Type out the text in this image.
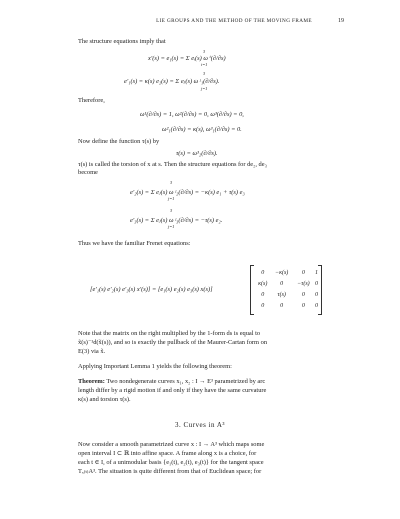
LIE GROUPS AND THE METHOD OF THE MOVING FRAME	19
The structure equations imply that
x′(s) = e₁(s) = Σ eᵢ(s) ω ⁱ(∂/∂s)
3
i=1
e′₁(s) = κ(s) e₂(s) = Σ eⱼ(s) ω ʲ₁(∂/∂s).
3
j=1
Therefore,
ω¹(∂/∂s) = 1, ω²(∂/∂s) = 0, ω³(∂/∂s) = 0,
ω²₁(∂/∂s) = κ(s), ω³₁(∂/∂s) = 0.
Now define the function τ(s) by
τ(s) = ω³₂(∂/∂s).
τ(s) is called the torsion of x at s. Then the structure equations for de₂, de₃
become
e′₂(s) = Σ eⱼ(s) ω ʲ₂(∂/∂s) = −κ(s) e₁ + τ(s) e₃
3
j=1
e′₃(s) = Σ eⱼ(s) ω ʲ₃(∂/∂s) = −τ(s) e₂.
3
j=1
Thus we have the familiar Frenet equations:
[e′₁(s) e′₂(s) e′₃(s) x′(s)] = [e₁(s) e₂(s) e₃(s) x(s)]
0	−κ(s)	0	1
κ(s)	0	−τ(s)	0
0	τ(s)	0	0
0	0	0	0
Note that the matrix on the right multiplied by the 1-form ds is equal to
x̃(s)⁻¹d(x̃(s)), and so is exactly the pullback of the Maurer-Cartan form on
E(3) via x̃.
Applying Important Lemma 1 yields the following theorem:
Theorem: Two nondegenerate curves x₁, x₂ : I → E³ parametrized by arc
length differ by a rigid motion if and only if they have the same curvature
κ(s) and torsion τ(s).
3. Curves in A³
Now consider a smooth parametrized curve x : I → A³ which maps some
open interval I ⊂ ℝ into affine space. A frame along x is a choice, for
each t ∈ I, of a unimodular basis {e₁(t), e₂(t), e₃(t)} for the tangent space
Tₓ₍ₜ₎A³. The situation is quite different from that of Euclidean space; for
